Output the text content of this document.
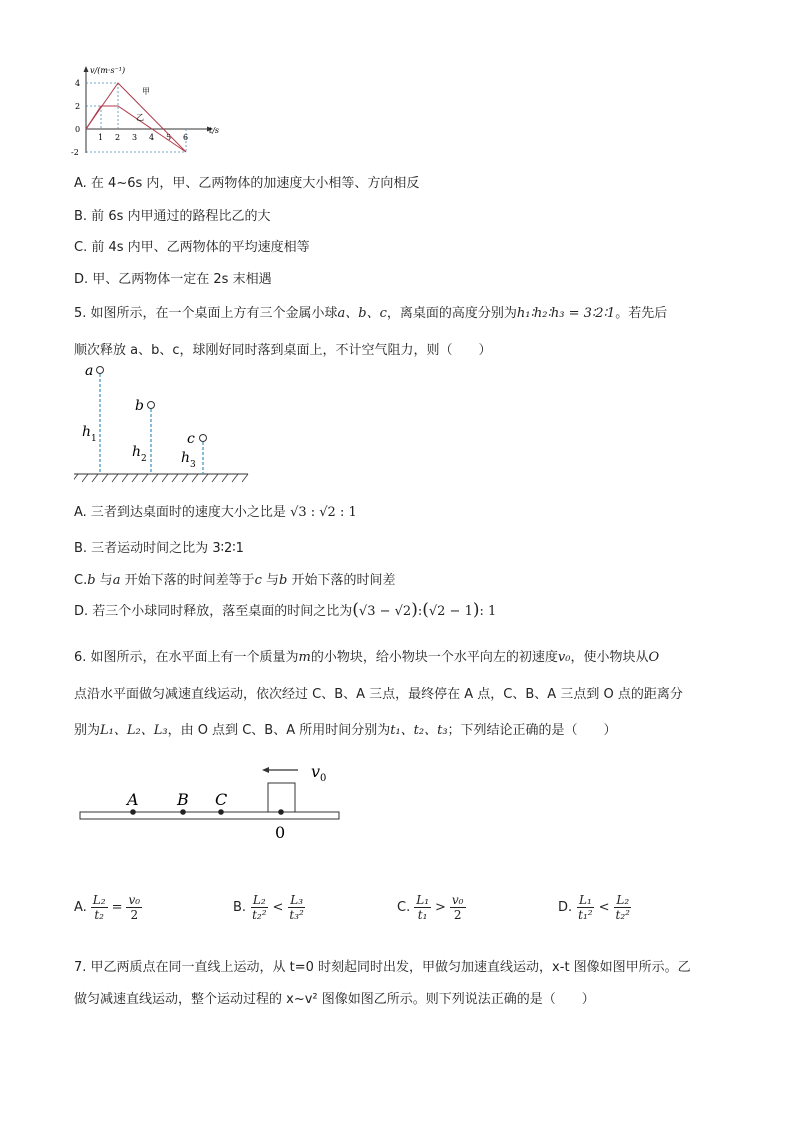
v/(m·s⁻¹)
t/s
4
2
0
-2
1 2 3 4 5 6
甲
乙
A. 在 4~6s 内，甲、乙两物体的加速度大小相等、方向相反
B. 前 6s 内甲通过的路程比乙的大
C. 前 4s 内甲、乙两物体的平均速度相等
D. 甲、乙两物体一定在 2s 末相遇
5. 如图所示，在一个桌面上方有三个金属小球a、b、c，离桌面的高度分别为h₁∶h₂∶h₃ = 3∶2∶1。若先后
顺次释放 a、b、c，球刚好同时落到桌面上，不计空气阻力，则（　　）
a
b
c
h 1
h 2 h 3
A. 三者到达桌面时的速度大小之比是 √3 : √2 : 1
B. 三者运动时间之比为 3∶2∶1
C.b 与a 开始下落的时间差等于c 与b 开始下落的时间差
D. 若三个小球同时释放，落至桌面的时间之比为(√3 − √2):(√2 − 1): 1
6. 如图所示，在水平面上有一个质量为m的小物块，给小物块一个水平向左的初速度v₀，使小物块从O
点沿水平面做匀减速直线运动，依次经过 C、B、A 三点，最终停在 A 点，C、B、A 三点到 O 点的距离分
别为L₁、L₂、L₃，由 O 点到 C、B、A 所用时间分别为t₁、t₂、t₃；下列结论正确的是（　　）
v 0
A B C
0
A. $\frac{\text{L₂}}{\text{t₂}} = \frac{\text{v₀}}{2}$	B. $\frac{\text{L₂}}{\text{t₂²}} < \frac{\text{L₃}}{\text{t₃²}}$	C. $\frac{\text{L₁}}{\text{t₁}} > \frac{\text{v₀}}{2}$	D. $\frac{\text{L₁}}{\text{t₁²}} < \frac{\text{L₂}}{\text{t₂²}}$
7. 甲乙两质点在同一直线上运动，从 t=0 时刻起同时出发，甲做匀加速直线运动，x-t 图像如图甲所示。乙
做匀减速直线运动，整个运动过程的 x~v² 图像如图乙所示。则下列说法正确的是（　　）
